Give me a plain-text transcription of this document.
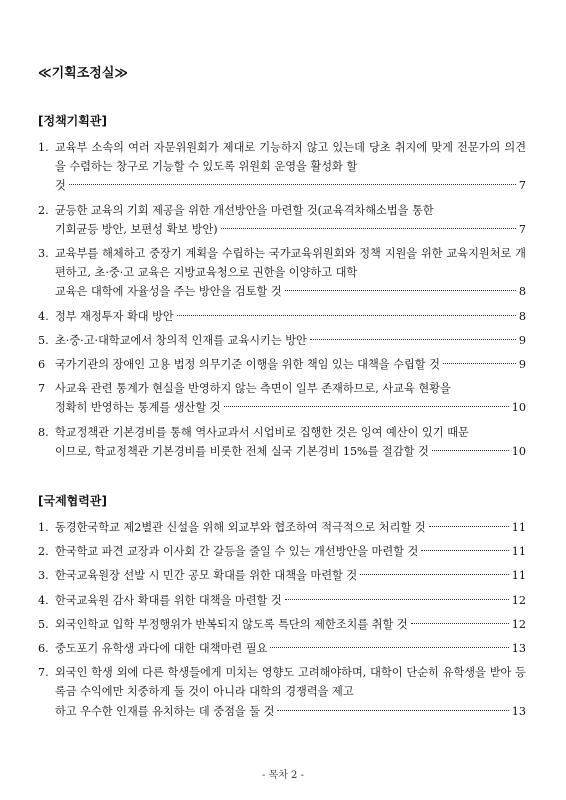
≪기획조정실≫
[정책기획관]
1. 교육부 소속의 여러 자문위원회가 제대로 기능하지 않고 있는데 당초 취지에 맞게 전문가의 의견을 수렴하는 창구로 기능할 수 있도록 위원회 운영을 활성화 할
것	7
2. 균등한 교육의 기회 제공을 위한 개선방안을 마련할 것(교육격차해소법을 통한
기회균등 방안, 보편성 확보 방안)	7
3. 교육부를 해체하고 중장기 계획을 수립하는 국가교육위원회와 정책 지원을 위한 교육지원처로 개편하고, 초·중·고 교육은 지방교육청으로 권한을 이양하고 대학
교육은 대학에 자율성을 주는 방안을 검토할 것	8
4. 정부 재정투자 확대 방안	8
5. 초·중·고·대학교에서 창의적 인재를 교육시키는 방안	9
6 국가기관의 장애인 고용 법정 의무기준 이행을 위한 책임 있는 대책을 수립할 것	9
7 사교육 관련 통계가 현실을 반영하지 않는 측면이 일부 존재하므로, 사교육 현황을
정확히 반영하는 통계를 생산할 것	10
8. 학교정책관 기본경비를 통해 역사교과서 시업비로 집행한 것은 잉여 예산이 있기 때문
이므로, 학교정책관 기본경비를 비롯한 전체 실국 기본경비 15%를 절감할 것	10
[국제협력관]
1. 동경한국학교 제2별관 신설을 위해 외교부와 협조하여 적극적으로 처리할 것	11
2. 한국학교 파견 교장과 이사회 간 갈등을 줄일 수 있는 개선방안을 마련할 것	11
3. 한국교육원장 선발 시 민간 공모 확대를 위한 대책을 마련할 것	11
4. 한국교육원 감사 확대를 위한 대책을 마련할 것	12
5. 외국인학교 입학 부정행위가 반복되지 않도록 특단의 제한조치를 취할 것	12
6. 중도포기 유학생 과다에 대한 대책마련 필요	13
7. 외국인 학생 외에 다른 학생들에게 미치는 영향도 고려해야하며, 대학이 단순히 유학생을 받아 등록금 수익에만 치중하게 둘 것이 아니라 대학의 경쟁력을 제고
하고 우수한 인재를 유치하는 데 중점을 둘 것	13
- 목차 2 -
